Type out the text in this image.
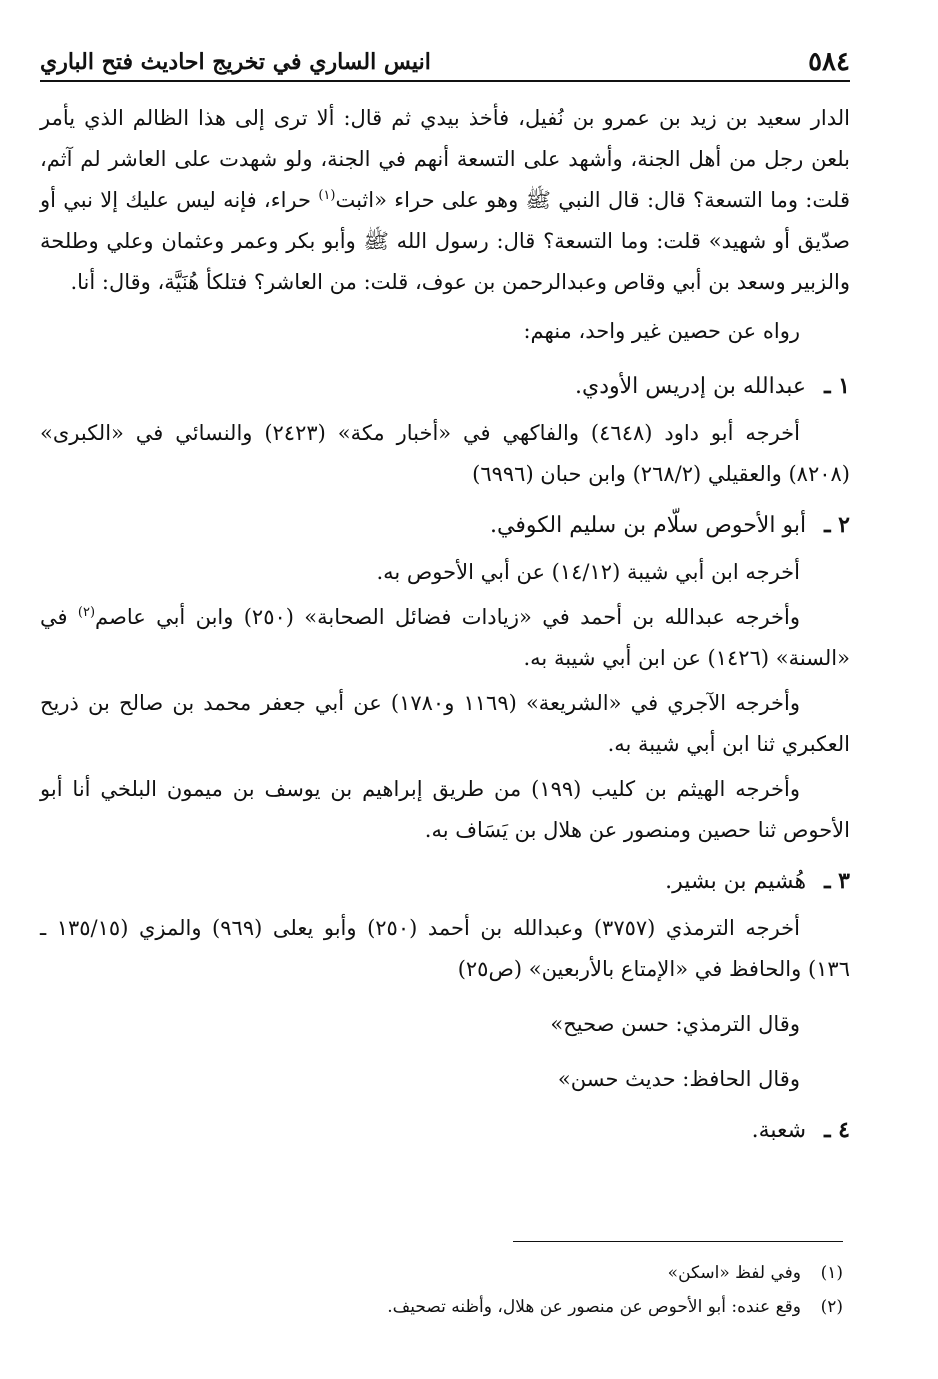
٥٨٤
انيس الساري في تخريج احاديث فتح الباري

الدار سعيد بن زيد بن عمرو بن نُفيل، فأخذ بيدي ثم قال: ألا ترى إلى هذا الظالم الذي يأمر بلعن رجل من أهل الجنة، وأشهد على التسعة أنهم في الجنة، ولو شهدت على العاشر لم آثم، قلت: وما التسعة؟ قال: قال النبي ﷺ وهو على حراء «اثبت$^{(١)}$ حراء، فإنه ليس عليك إلا نبي أو صدّيق أو شهيد» قلت: وما التسعة؟ قال: رسول الله ﷺ وأبو بكر وعمر وعثمان وعلي وطلحة والزبير وسعد بن أبي وقاص وعبدالرحمن بن عوف، قلت: من العاشر؟ فتلكأ هُنَيَّة، وقال: أنا.

رواه عن حصين غير واحد، منهم:

١ ـعبدالله بن إدريس الأودي.

أخرجه أبو داود (٤٦٤٨) والفاكهي في «أخبار مكة» (٢٤٢٣) والنسائي في «الكبرى» (٨٢٠٨) والعقيلي (٢٦٨/٢) وابن حبان (٦٩٩٦)

٢ ـأبو الأحوص سلّام بن سليم الكوفي.

أخرجه ابن أبي شيبة (١٤/١٢) عن أبي الأحوص به.

وأخرجه عبدالله بن أحمد في «زيادات فضائل الصحابة» (٢٥٠) وابن أبي عاصم$^{(٢)}$ في «السنة» (١٤٢٦) عن ابن أبي شيبة به.

وأخرجه الآجري في «الشريعة» (١١٦٩ و١٧٨٠) عن أبي جعفر محمد بن صالح بن ذريح العكبري ثنا ابن أبي شيبة به.

وأخرجه الهيثم بن كليب (١٩٩) من طريق إبراهيم بن يوسف بن ميمون البلخي أنا أبو الأحوص ثنا حصين ومنصور عن هلال بن يَسَاف به.

٣ ـهُشيم بن بشير.

أخرجه الترمذي (٣٧٥٧) وعبدالله بن أحمد (٢٥٠) وأبو يعلى (٩٦٩) والمزي (١٣٥/١٥ ـ ١٣٦) والحافظ في «الإمتاع بالأربعين» (ص٢٥)

وقال الترمذي: حسن صحيح»

وقال الحافظ: حديث حسن»

٤ ـشعبة.

(١)وفي لفظ «اسكن»
(٢)وقع عنده: أبو الأحوص عن منصور عن هلال، وأظنه تصحيف.
